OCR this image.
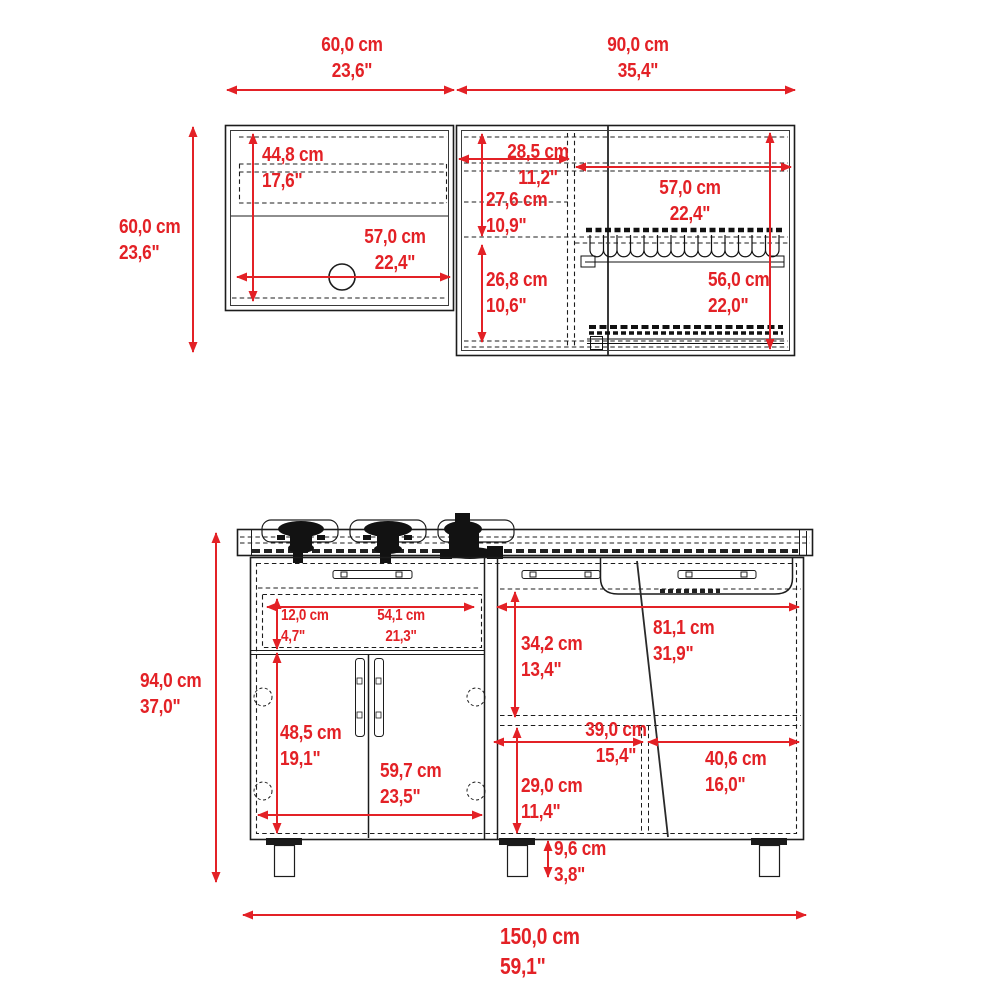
60,0 cm
23,6"
90,0 cm
35,4"
60,0 cm
23,6"
44,8 cm
17,6"
57,0 cm
22,4"
28,5 cm
11,2"	57,0 cm
22,4"
27,6 cm
10,9"
26,8 cm
10,6"
56,0 cm
22,0"
94,0 cm
37,0"
12,0 cm
4,7"
54,1 cm
21,3"	34,2 cm
13,4"
81,1 cm
31,9"
48,5 cm
19,1"
59,7 cm
23,5"
39,0 cm
15,4"	40,6 cm
16,0"
29,0 cm
11,4"
9,6 cm
3,8"
150,0 cm
59,1"
